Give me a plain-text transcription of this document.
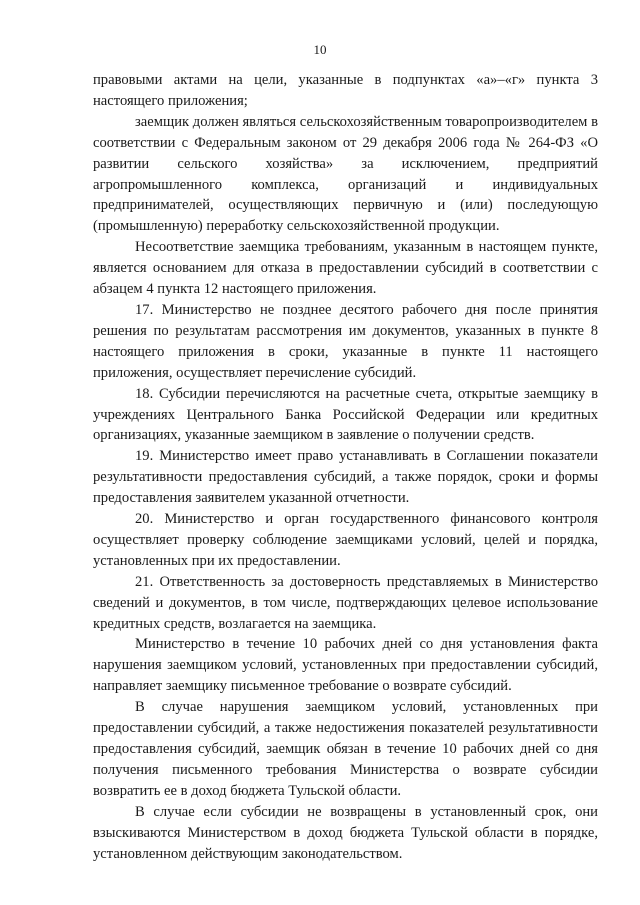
10

правовыми актами на цели, указанные в подпунктах «а»–«г» пункта 3 настоящего приложения;

заемщик должен являться сельскохозяйственным товаропроизводителем в соответствии с Федеральным законом от 29 декабря 2006 года № 264-ФЗ «О развитии сельского хозяйства» за исключением, предприятий агропромышленного комплекса, организаций и индивидуальных предпринимателей, осуществляющих первичную и (или) последующую (промышленную) переработку сельскохозяйственной продукции.

Несоответствие заемщика требованиям, указанным в настоящем пункте, является основанием для отказа в предоставлении субсидий в соответствии с абзацем 4 пункта 12 настоящего приложения.

17. Министерство не позднее десятого рабочего дня после принятия решения по результатам рассмотрения им документов, указанных в пункте 8 настоящего приложения в сроки, указанные в пункте 11 настоящего приложения, осуществляет перечисление субсидий.

18. Субсидии перечисляются на расчетные счета, открытые заемщику в учреждениях Центрального Банка Российской Федерации или кредитных организациях, указанные заемщиком в заявление о получении средств.

19. Министерство имеет право устанавливать в Соглашении показатели результативности предоставления субсидий, а также порядок, сроки и формы предоставления заявителем указанной отчетности.

20. Министерство и орган государственного финансового контроля осуществляет проверку соблюдение заемщиками условий, целей и порядка, установленных при их предоставлении.

21. Ответственность за достоверность представляемых в Министерство сведений и документов, в том числе, подтверждающих целевое использование кредитных средств, возлагается на заемщика.

Министерство в течение 10 рабочих дней со дня установления факта нарушения заемщиком условий, установленных при предоставлении субсидий, направляет заемщику письменное требование о возврате субсидий.

В случае нарушения заемщиком условий, установленных при предоставлении субсидий, а также недостижения показателей результативности предоставления субсидий, заемщик обязан в течение 10 рабочих дней со дня получения письменного требования Министерства о возврате субсидии возвратить ее в доход бюджета Тульской области.

В случае если субсидии не возвращены в установленный срок, они взыскиваются Министерством в доход бюджета Тульской области в порядке, установленном действующим законодательством.
